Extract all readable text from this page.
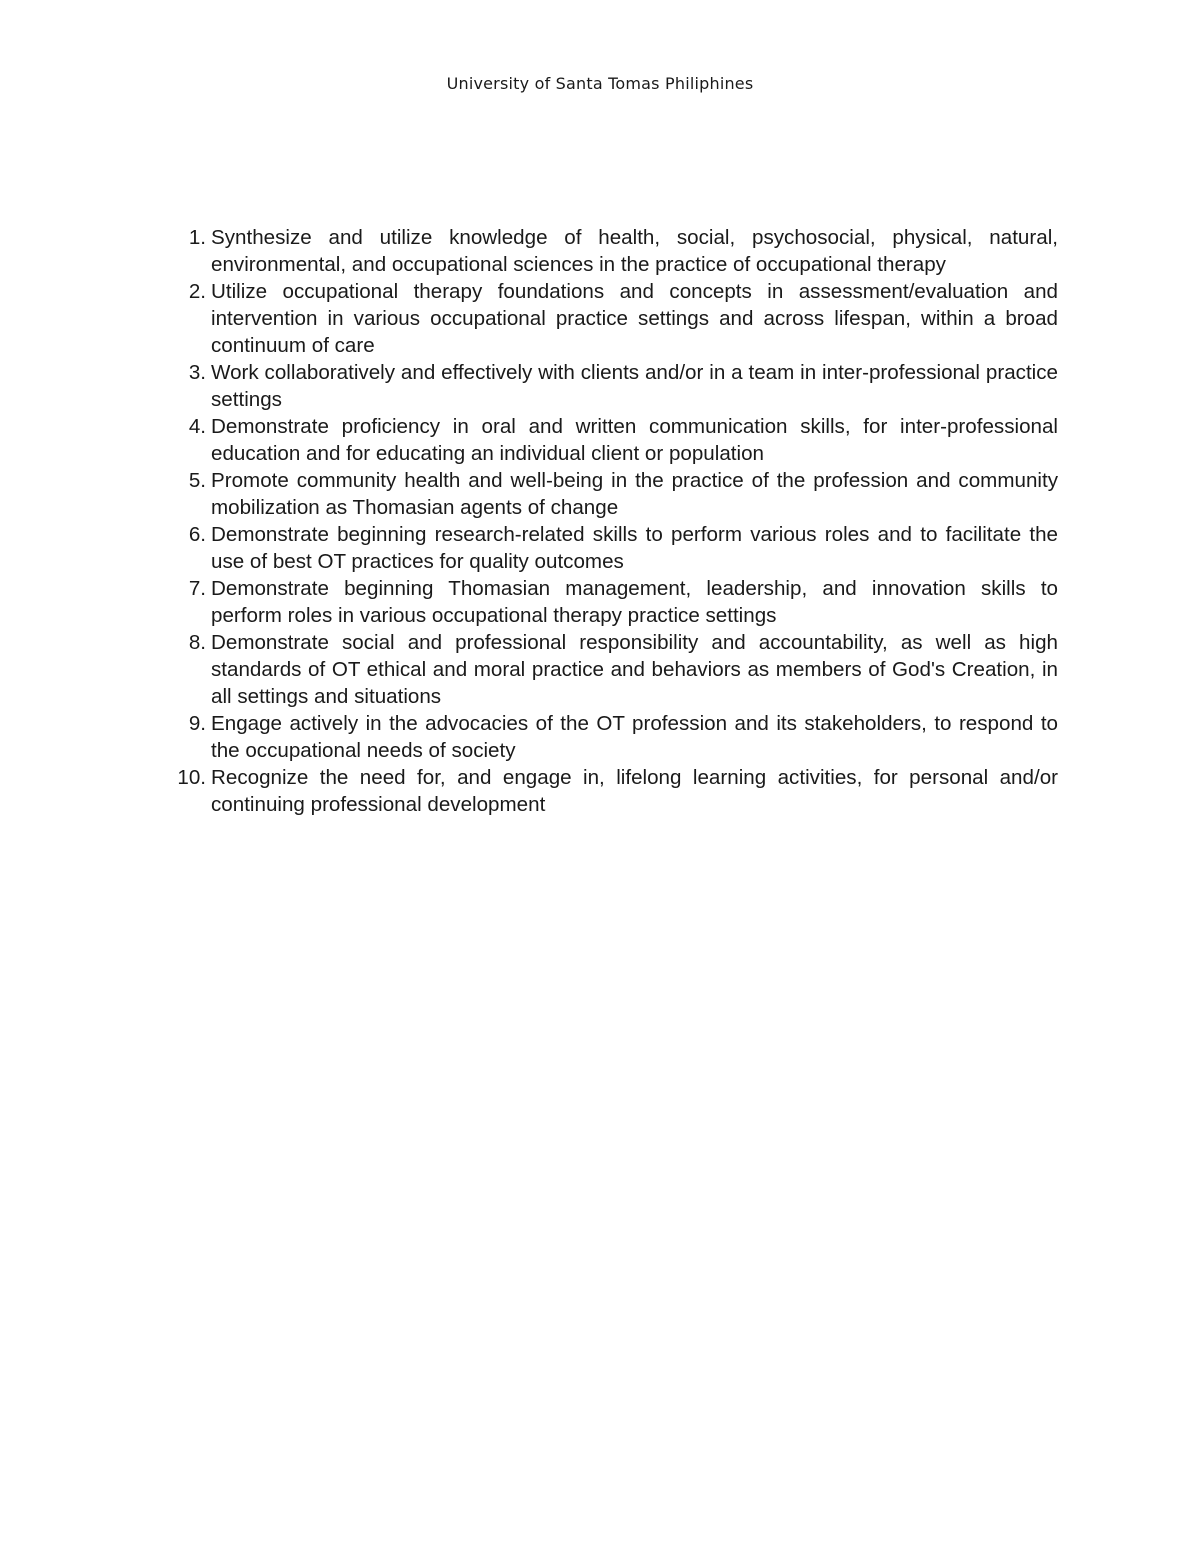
University of Santa Tomas Philiphines
1. Synthesize and utilize knowledge of health, social, psychosocial, physical, natural, environmental, and occupational sciences in the practice of occupational therapy
2. Utilize occupational therapy foundations and concepts in assessment/evaluation and intervention in various occupational practice settings and across lifespan, within a broad continuum of care
3. Work collaboratively and effectively with clients and/or in a team in inter-professional practice settings
4. Demonstrate proficiency in oral and written communication skills, for inter-professional education and for educating an individual client or population
5. Promote community health and well-being in the practice of the profession and community mobilization as Thomasian agents of change
6. Demonstrate beginning research-related skills to perform various roles and to facilitate the use of best OT practices for quality outcomes
7. Demonstrate beginning Thomasian management, leadership, and innovation skills to perform roles in various occupational therapy practice settings
8. Demonstrate social and professional responsibility and accountability, as well as high standards of OT ethical and moral practice and behaviors as members of God's Creation, in all settings and situations
9. Engage actively in the advocacies of the OT profession and its stakeholders, to respond to the occupational needs of society
10. Recognize the need for, and engage in, lifelong learning activities, for personal and/or continuing professional development
